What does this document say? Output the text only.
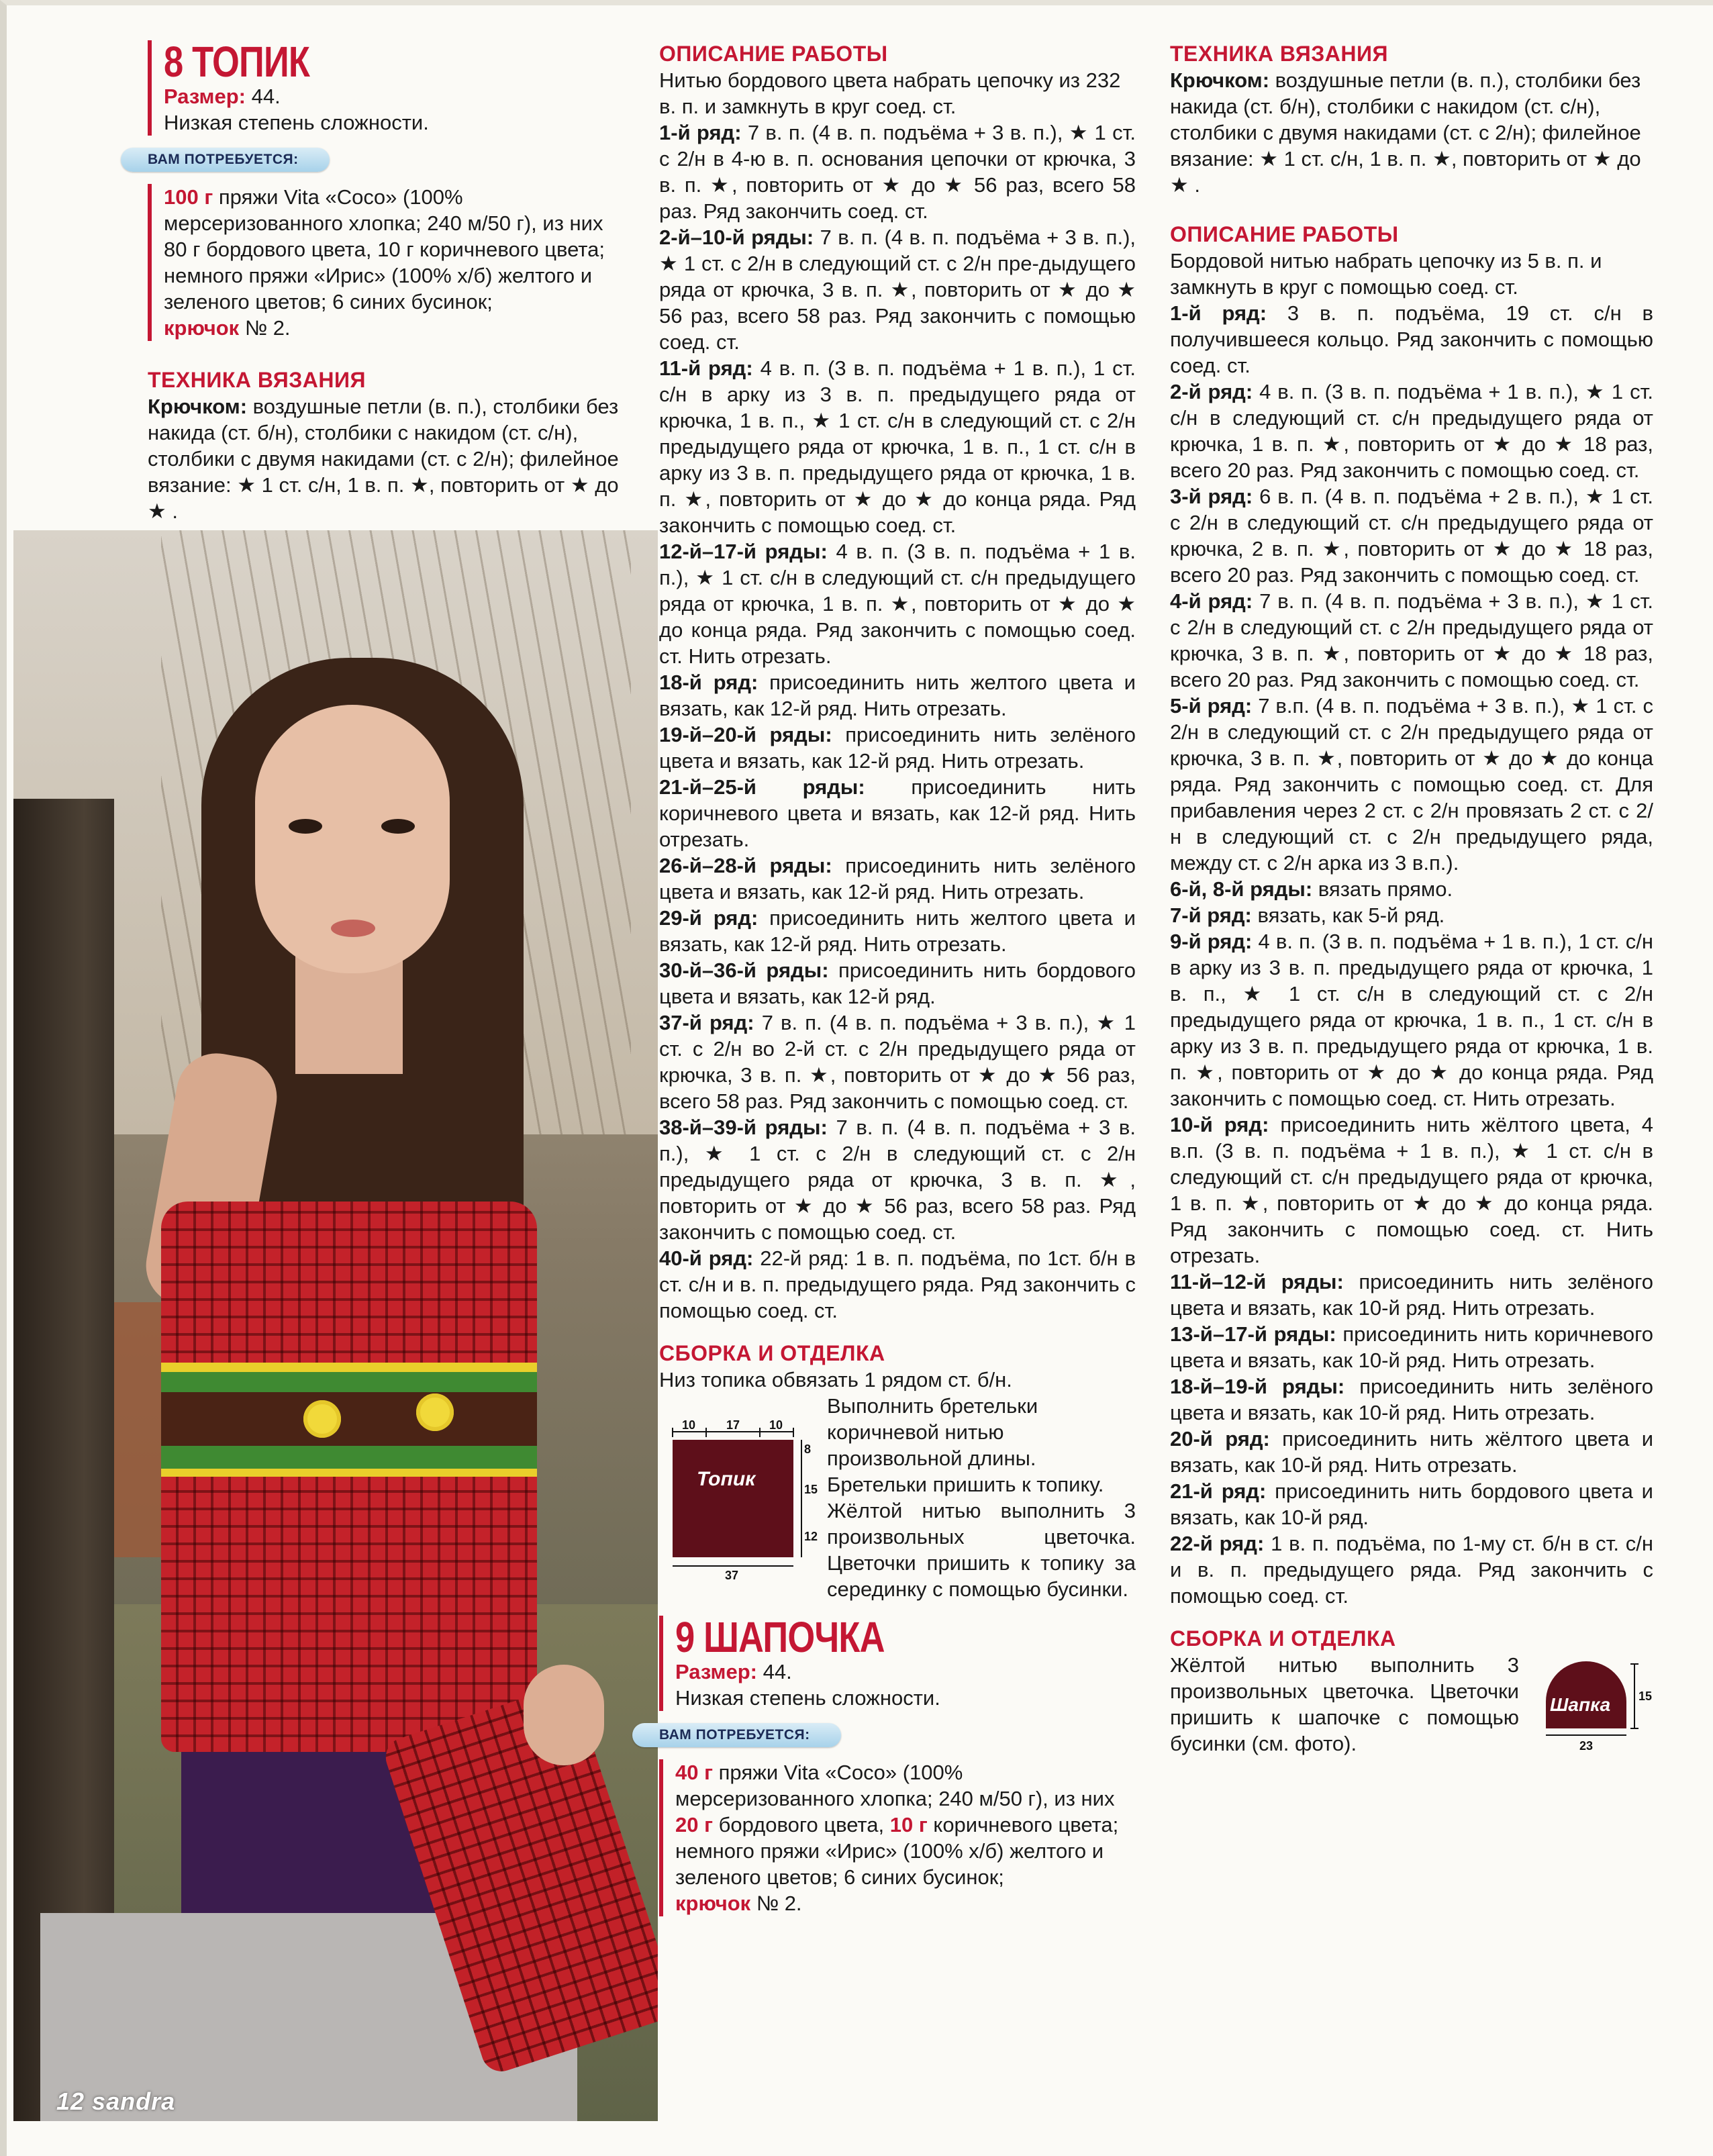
8 ТОПИК
Размер: 44.
Низкая степень сложности.
ВАМ ПОТРЕБУЕТСЯ:
100 г пряжи Vita «Coco» (100% мерсеризованного хлопка; 240 м/50 г), из них 80 г бордового цвета, 10 г коричневого цвета; немного пряжи «Ирис» (100% х/б) желтого и зеленого цветов; 6 синих бусинок;
крючок № 2.
ТЕХНИКА ВЯЗАНИЯ

Крючком: воздушные петли (в. п.), столбики без накида (ст. б/н), столбики с накидом (ст. с/н), столбики с двумя накидами (ст. с 2/н); филейное вязание: ★ 1 ст. с/н, 1 в. п. ★, повторить от ★ до ★ .

12 sandra
ОПИСАНИЕ РАБОТЫ

Нитью бордового цвета набрать цепочку из 232 в. п. и замкнуть в круг соед. ст.

1-й ряд: 7 в. п. (4 в. п. подъёма + 3 в. п.), ★ 1 ст. с 2/н в 4-ю в. п. основания цепочки от крючка, 3 в. п. ★, повторить от ★ до ★ 56 раз, всего 58 раз. Ряд закончить соед. ст.

2-й–10-й ряды: 7 в. п. (4 в. п. подъёма + 3 в. п.), ★ 1 ст. с 2/н в следующий ст. с 2/н пре-дыдущего ряда от крючка, 3 в. п. ★, повторить от ★ до ★ 56 раз, всего 58 раз. Ряд закончить с помощью соед. ст.

11-й ряд: 4 в. п. (3 в. п. подъёма + 1 в. п.), 1 ст. с/н в арку из 3 в. п. предыдущего ряда от крючка, 1 в. п., ★ 1 ст. с/н в следующий ст. с 2/н предыдущего ряда от крючка, 1 в. п., 1 ст. с/н в арку из 3 в. п. предыдущего ряда от крючка, 1 в. п. ★, повторить от ★ до ★ до конца ряда. Ряд закончить с помощью соед. ст.

12-й–17-й ряды: 4 в. п. (3 в. п. подъёма + 1 в. п.), ★ 1 ст. с/н в следующий ст. с/н предыдущего ряда от крючка, 1 в. п. ★, повторить от ★ до ★ до конца ряда. Ряд закончить с помощью соед. ст. Нить отрезать.

18-й ряд: присоединить нить желтого цвета и вязать, как 12-й ряд. Нить отрезать.

19-й–20-й ряды: присоединить нить зелёного цвета и вязать, как 12-й ряд. Нить отрезать.

21-й–25-й ряды: присоединить нить коричневого цвета и вязать, как 12-й ряд. Нить отрезать.

26-й–28-й ряды: присоединить нить зелёного цвета и вязать, как 12-й ряд. Нить отрезать.

29-й ряд: присоединить нить желтого цвета и вязать, как 12-й ряд. Нить отрезать.

30-й–36-й ряды: присоединить нить бордового цвета и вязать, как 12-й ряд.

37-й ряд: 7 в. п. (4 в. п. подъёма + 3 в. п.), ★ 1 ст. с 2/н во 2-й ст. с 2/н предыдущего ряда от крючка, 3 в. п. ★, повторить от ★ до ★ 56 раз, всего 58 раз. Ряд закончить с помощью соед. ст.

38-й–39-й ряды: 7 в. п. (4 в. п. подъёма + 3 в. п.), ★ 1 ст. с 2/н в следующий ст. с 2/н предыдущего ряда от крючка, 3 в. п. ★, повторить от ★ до ★ 56 раз, всего 58 раз. Ряд закончить с помощью соед. ст.

40-й ряд: 22-й ряд: 1 в. п. подъёма, по 1ст. б/н в ст. с/н и в. п. предыдущего ряда. Ряд закончить с помощью соед. ст.

СБОРКА И ОТДЕЛКА

Низ топика обвязать 1 рядом ст. б/н.

10	17 10
8
15
12
37
Топик

Выполнить бретельки коричневой нитью произвольной длины. Бретельки пришить к топику.

Жёлтой нитью выполнить 3 произвольных цветочка. Цветочки пришить к топику за серединку с помощью бусинки.

9 ШАПОЧКА
Размер: 44.
Низкая степень сложности.
ВАМ ПОТРЕБУЕТСЯ:
40 г пряжи Vita «Coco» (100% мерсеризованного хлопка; 240 м/50 г), из них 20 г бордового цвета, 10 г коричневого цвета; немного пряжи «Ирис» (100% х/б) желтого и зеленого цветов; 6 синих бусинок;
крючок № 2.
ТЕХНИКА ВЯЗАНИЯ

Крючком: воздушные петли (в. п.), столбики без накида (ст. б/н), столбики с накидом (ст. с/н), столбики с двумя накидами (ст. с 2/н); филейное вязание: ★ 1 ст. с/н, 1 в. п. ★, повторить от ★ до ★ .

ОПИСАНИЕ РАБОТЫ

Бордовой нитью набрать цепочку из 5 в. п. и замкнуть в круг с помощью соед. ст.

1-й ряд: 3 в. п. подъёма, 19 ст. с/н в получившееся кольцо. Ряд закончить с помощью соед. ст.

2-й ряд: 4 в. п. (3 в. п. подъёма + 1 в. п.), ★ 1 ст. с/н в следующий ст. с/н предыдущего ряда от крючка, 1 в. п. ★, повторить от ★ до ★ 18 раз, всего 20 раз. Ряд закончить с помощью соед. ст.

3-й ряд: 6 в. п. (4 в. п. подъёма + 2 в. п.), ★ 1 ст. с 2/н в следующий ст. с/н предыдущего ряда от крючка, 2 в. п. ★, повторить от ★ до ★ 18 раз, всего 20 раз. Ряд закончить с помощью соед. ст.

4-й ряд: 7 в. п. (4 в. п. подъёма + 3 в. п.), ★ 1 ст. с 2/н в следующий ст. с 2/н предыдущего ряда от крючка, 3 в. п. ★, повторить от ★ до ★ 18 раз, всего 20 раз. Ряд закончить с помощью соед. ст.

5-й ряд: 7 в.п. (4 в. п. подъёма + 3 в. п.), ★ 1 ст. с 2/н в следующий ст. с 2/н предыдущего ряда от крючка, 3 в. п. ★, повторить от ★ до ★ до конца ряда. Ряд закончить с помощью соед. ст. Для прибавления через 2 ст. с 2/н провязать 2 ст. с 2/н в следующий ст. с 2/н предыдущего ряда, между ст. с 2/н арка из 3 в.п.).

6-й, 8-й ряды: вязать прямо.

7-й ряд: вязать, как 5-й ряд.

9-й ряд: 4 в. п. (3 в. п. подъёма + 1 в. п.), 1 ст. с/н в арку из 3 в. п. предыдущего ряда от крючка, 1 в. п., ★ 1 ст. с/н в следующий ст. с 2/н предыдущего ряда от крючка, 1 в. п., 1 ст. с/н в арку из 3 в. п. предыдущего ряда от крючка, 1 в. п. ★, повторить от ★ до ★ до конца ряда. Ряд закончить с помощью соед. ст. Нить отрезать.

10-й ряд: присоединить нить жёлтого цвета, 4 в.п. (3 в. п. подъёма + 1 в. п.), ★ 1 ст. с/н в следующий ст. с/н предыдущего ряда от крючка, 1 в. п. ★, повторить от ★ до ★ до конца ряда. Ряд закончить с помощью соед. ст. Нить отрезать.

11-й–12-й ряды: присоединить нить зелёного цвета и вязать, как 10-й ряд. Нить отрезать.

13-й–17-й ряды: присоединить нить коричневого цвета и вязать, как 10-й ряд. Нить отрезать.

18-й–19-й ряды: присоединить нить зелёного цвета и вязать, как 10-й ряд. Нить отрезать.

20-й ряд: присоединить нить жёлтого цвета и вязать, как 10-й ряд. Нить отрезать.

21-й ряд: присоединить нить бордового цвета и вязать, как 10-й ряд.

22-й ряд: 1 в. п. подъёма, по 1-му ст. б/н в ст. с/н и в. п. предыдущего ряда. Ряд закончить с помощью соед. ст.

СБОРКА И ОТДЕЛКА

Жёлтой нитью выполнить 3 произвольных цветочка. Цветочки пришить к шапочке с помощью бусинки (см. фото).

Шапка 15
23
